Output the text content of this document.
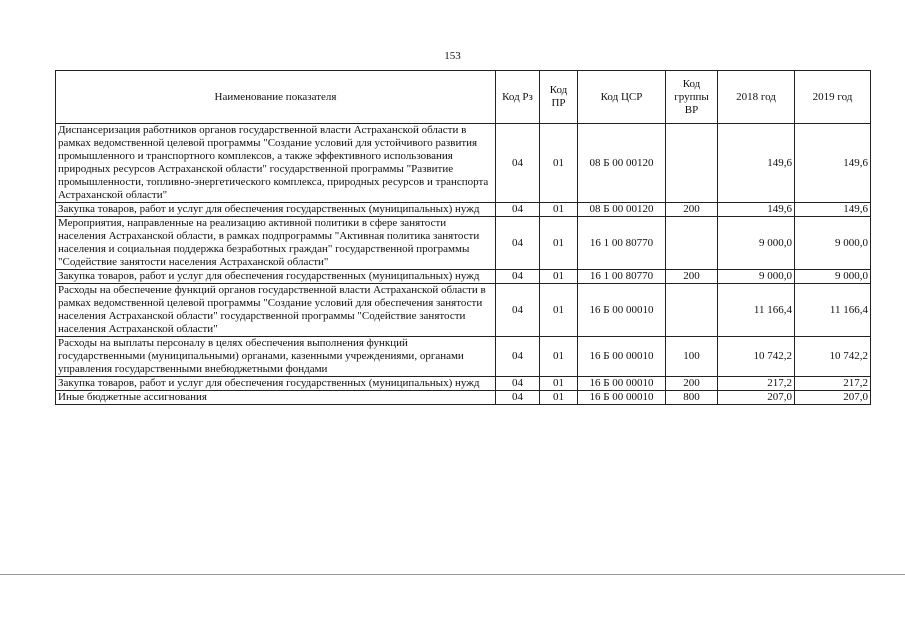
153
Наименование показателя	Код Рз	Код ПР	Код ЦСР	Код группы ВР	2018 год	2019 год
Диспансеризация работников органов государственной власти Астраханской области в рамках ведомственной целевой программы "Создание условий для устойчивого развития промышленного и транспортного комплексов, а также эффективного использования природных ресурсов Астраханской области" государственной программы "Развитие промышленности, топливно-энергетического комплекса, природных ресурсов и транспорта Астраханской области"	04	01	08 Б 00 00120		149,6	149,6
Закупка товаров, работ и услуг для обеспечения государственных (муниципальных) нужд	04	01	08 Б 00 00120	200	149,6	149,6
Мероприятия, направленные на реализацию активной политики в сфере занятости населения Астраханской области, в рамках подпрограммы "Активная политика занятости населения и социальная поддержка безработных граждан" государственной программы "Содействие занятости населения Астраханской области"	04	01	16 1 00 80770		9 000,0	9 000,0
Закупка товаров, работ и услуг для обеспечения государственных (муниципальных) нужд	04	01	16 1 00 80770	200	9 000,0	9 000,0
Расходы на обеспечение функций органов государственной власти Астраханской области в рамках ведомственной целевой программы "Создание условий для обеспечения занятости населения Астраханской области" государственной программы "Содействие занятости населения Астраханской области"	04	01	16 Б 00 00010		11 166,4	11 166,4
Расходы на выплаты персоналу в целях обеспечения выполнения функций государственными (муниципальными) органами, казенными учреждениями, органами управления государственными внебюджетными фондами	04	01	16 Б 00 00010	100	10 742,2	10 742,2
Закупка товаров, работ и услуг для обеспечения государственных (муниципальных) нужд	04	01	16 Б 00 00010	200	217,2	217,2
Иные бюджетные ассигнования	04	01	16 Б 00 00010	800	207,0	207,0
